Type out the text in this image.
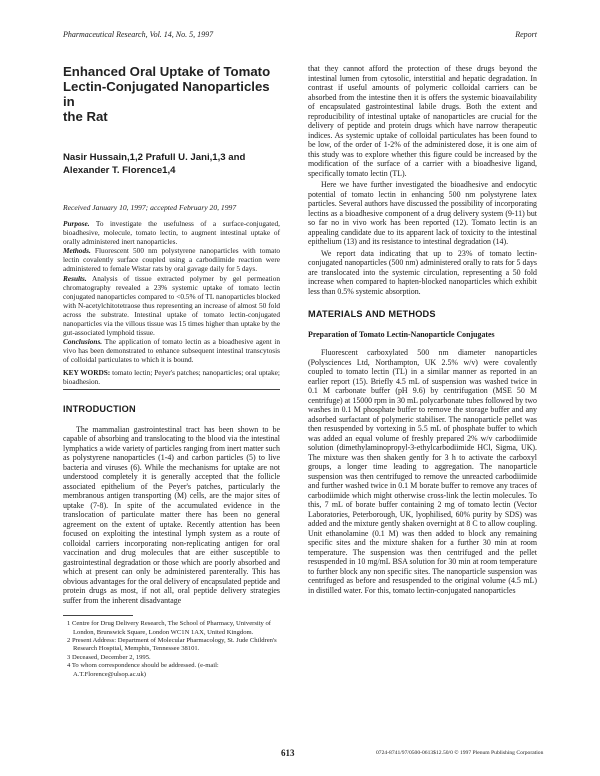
Pharmaceutical Research, Vol. 14, No. 5, 1997	Report
Enhanced Oral Uptake of Tomato
Lectin-Conjugated Nanoparticles in
the Rat
Nasir Hussain,1,2 Prafull U. Jani,1,3 and
Alexander T. Florence1,4
Received January 10, 1997; accepted February 20, 1997

Purpose. To investigate the usefulness of a surface-conjugated, bioadhesive, molecule, tomato lectin, to augment intestinal uptake of orally administered inert nanoparticles.

Methods. Fluorescent 500 nm polystyrene nanoparticles with tomato lectin covalently surface coupled using a carbodiimide reaction were administered to female Wistar rats by oral gavage daily for 5 days.

Results. Analysis of tissue extracted polymer by gel permeation chromatography revealed a 23% systemic uptake of tomato lectin conjugated nanoparticles compared to <0.5% of TL nanoparticles blocked with N-acetylchitotetraose thus representing an increase of almost 50 fold across the substrate. Intestinal uptake of tomato lectin-conjugated nanoparticles via the villous tissue was 15 times higher than uptake by the gut-associated lymphoid tissue.

Conclusions. The application of tomato lectin as a bioadhesive agent in vivo has been demonstrated to enhance subsequent intestinal transcytosis of colloidal particulates to which it is bound.

KEY WORDS: tomato lectin; Peyer's patches; nanoparticles; oral uptake; bioadhesion.
INTRODUCTION

The mammalian gastrointestinal tract has been shown to be capable of absorbing and translocating to the blood via the intestinal lymphatics a wide variety of particles ranging from inert matter such as polystyrene nanoparticles (1-4) and carbon particles (5) to live bacteria and viruses (6). While the mechanisms for uptake are not understood completely it is generally accepted that the follicle associated epithelium of the Peyer's patches, particularly the membranous antigen transporting (M) cells, are the major sites of uptake (7-8). In spite of the accumulated evidence in the translocation of particulate matter there has been no general agreement on the extent of uptake. Recently attention has been focused on exploiting the intestinal lymph system as a route of colloidal carriers incorporating non-replicating antigen for oral vaccination and drug molecules that are either susceptible to gastrointestinal degradation or those which are poorly absorbed and which at present can only be administered parenterally. This has obvious advantages for the oral delivery of encapsulated peptide and protein drugs as most, if not all, oral peptide delivery strategies suffer from the inherent disadvantage

1 Centre for Drug Delivery Research, The School of Pharmacy, University of London, Brunswick Square, London WC1N 1AX, United Kingdom.

2 Present Address: Department of Molecular Pharmacology, St. Jude Children's Research Hospital, Memphis, Tennessee 38101.

3 Deceased, December 2, 1995.

4 To whom correspondence should be addressed. (e-mail: A.T.Florence@ulsop.ac.uk)

that they cannot afford the protection of these drugs beyond the intestinal lumen from cytosolic, interstitial and hepatic degradation. In contrast if useful amounts of polymeric colloidal carriers can be absorbed from the intestine then it is offers the systemic bioavailability of encapsulated gastrointestinal labile drugs. Both the extent and reproducibility of intestinal uptake of nanoparticles are crucial for the delivery of peptide and protein drugs which have narrow therapeutic indices. As systemic uptake of colloidal particulates has been found to be low, of the order of 1-2% of the administered dose, it is one aim of this study was to explore whether this figure could be increased by the modification of the surface of a carrier with a bioadhesive ligand, specifically tomato lectin (TL).

Here we have further investigated the bioadhesive and endocytic potential of tomato lectin in enhancing 500 nm polystyrene latex particles. Several authors have discussed the possibility of incorporating lectins as a bioadhesive component of a drug delivery system (9-11) but so far no in vivo work has been reported (12). Tomato lectin is an appealing candidate due to its apparent lack of toxicity to the intestinal epithelium (13) and its resistance to intestinal degradation (14).

We report data indicating that up to 23% of tomato lectin-conjugated nanoparticles (500 nm) administered orally to rats for 5 days are translocated into the systemic circulation, representing a 50 fold increase when compared to hapten-blocked nanoparticles which exhibit less than 0.5% systemic absorption.

MATERIALS AND METHODS
Preparation of Tomato Lectin-Nanoparticle Conjugates

Fluorescent carboxylated 500 nm diameter nanoparticles (Polysciences Ltd, Northampton, UK 2.5% w/v) were covalently coupled to tomato lectin (TL) in a similar manner as reported in an earlier report (15). Briefly 4.5 mL of suspension was washed twice in 0.1 M carbonate buffer (pH 9.6) by centrifugation (MSE 50 M centrifuge) at 15000 rpm in 30 mL polycarbonate tubes followed by two washes in 0.1 M phosphate buffer to remove the storage buffer and any adsorbed surfactant of polymeric stabiliser. The nanoparticle pellet was then resuspended by vortexing in 5.5 mL of phosphate buffer to which was added an equal volume of freshly prepared 2% w/v carbodiimide solution (dimethylaminopropyl-3-ethylcarbodiimide HCl, Sigma, UK). The mixture was then shaken gently for 3 h to activate the carboxyl groups, a longer time leading to aggregation. The nanoparticle suspension was then centrifuged to remove the unreacted carbodiimide and further washed twice in 0.1 M borate buffer to remove any traces of carbodiimide which might otherwise cross-link the lectin molecules. To this, 7 mL of borate buffer containing 2 mg of tomato lectin (Vector Laboratories, Peterborough, UK, lyophilised, 60% purity by SDS) was added and the mixture gently shaken overnight at 8 C to allow coupling. Unit ethanolamine (0.1 M) was then added to block any remaining specific sites and the mixture shaken for a further 30 min at room temperature. The suspension was then centrifuged and the pellet resuspended in 10 mg/mL BSA solution for 30 min at room temperature to further block any non specific sites. The nanoparticle suspension was centrifuged as before and resuspended to the original volume (4.5 mL) in distilled water. For this, tomato lectin-conjugated nanoparticles

613	0724-8741/97/0500-0613$12.50/0 © 1997 Plenum Publishing Corporation
